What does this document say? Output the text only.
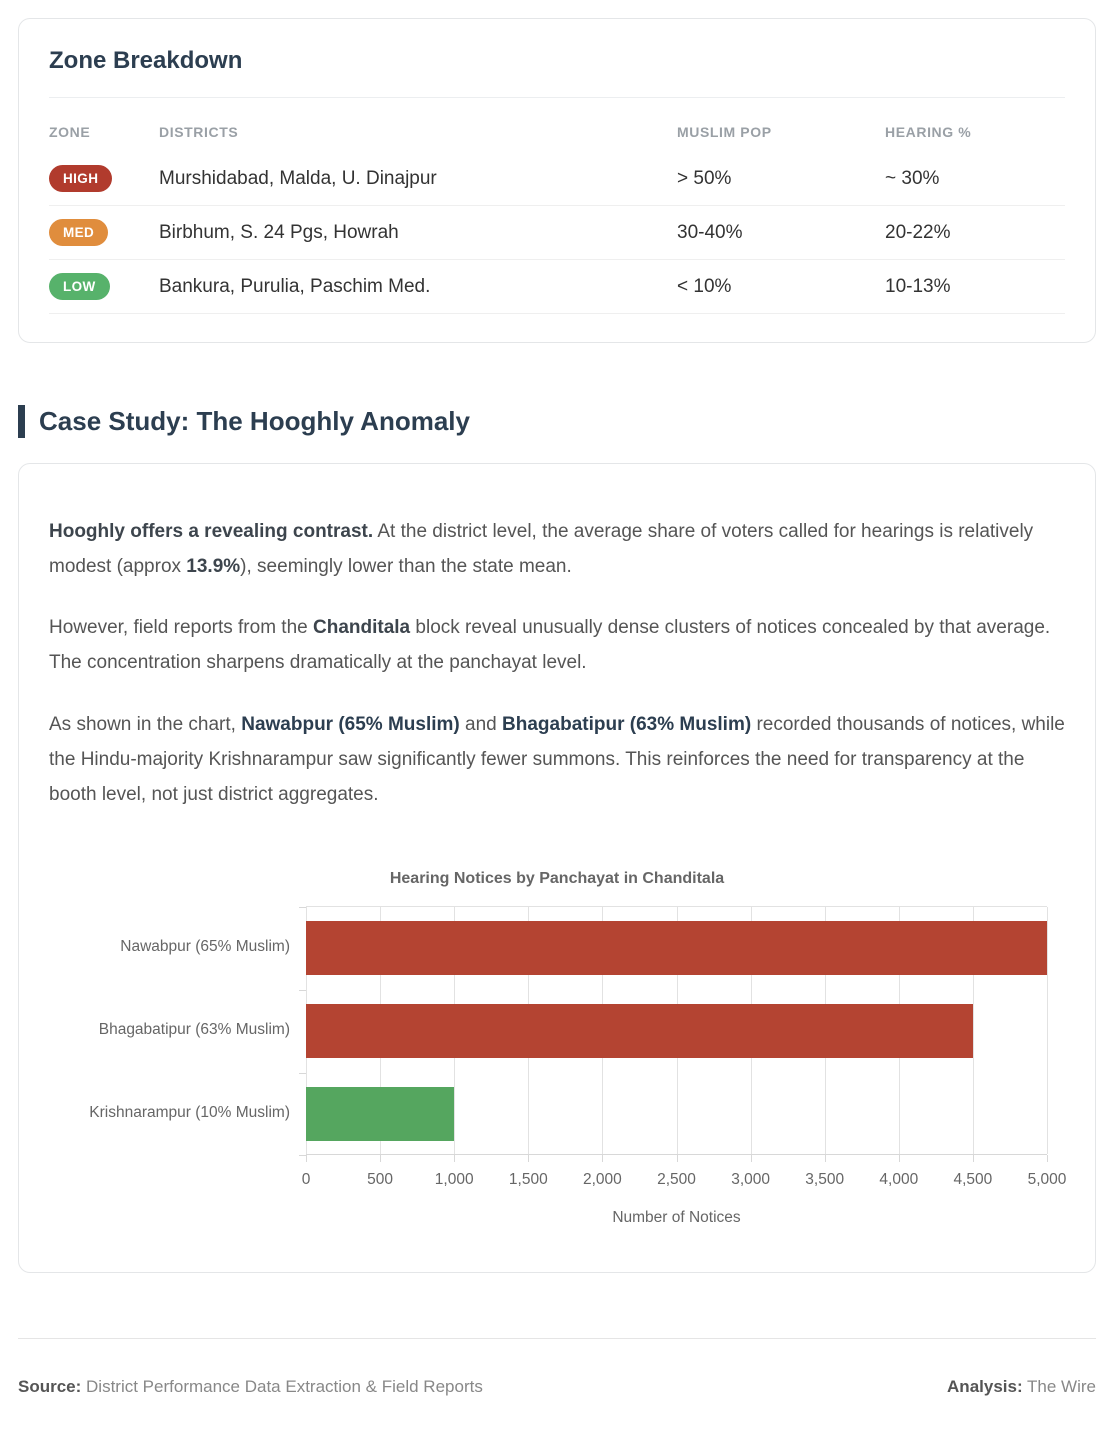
Zone Breakdown
ZONE	DISTRICTS	MUSLIM POP	HEARING %
HIGH	Murshidabad, Malda, U. Dinajpur	> 50%	~ 30%
MED	Birbhum, S. 24 Pgs, Howrah	30-40%	20-22%
LOW	Bankura, Purulia, Paschim Med.	< 10%	10-13%
Case Study: The Hooghly Anomaly

Hooghly offers a revealing contrast. At the district level, the average share of voters called for hearings is relatively modest (approx 13.9%), seemingly lower than the state mean.

However, field reports from the Chanditala block reveal unusually dense clusters of notices concealed by that average. The concentration sharpens dramatically at the panchayat level.

As shown in the chart, Nawabpur (65% Muslim) and Bhagabatipur (63% Muslim) recorded thousands of notices, while the Hindu-majority Krishnarampur saw significantly fewer summons. This reinforces the need for transparency at the booth level, not just district aggregates.

Hearing Notices by Panchayat in Chanditala
Nawabpur (65% Muslim)
Bhagabatipur (63% Muslim)
Krishnarampur (10% Muslim)
0	500	1,000 1,500 2,000 2,500 3,000 3,500 4,000 4,500 5,000
Number of Notices
Source: District Performance Data Extraction & Field Reports	Analysis: The Wire
